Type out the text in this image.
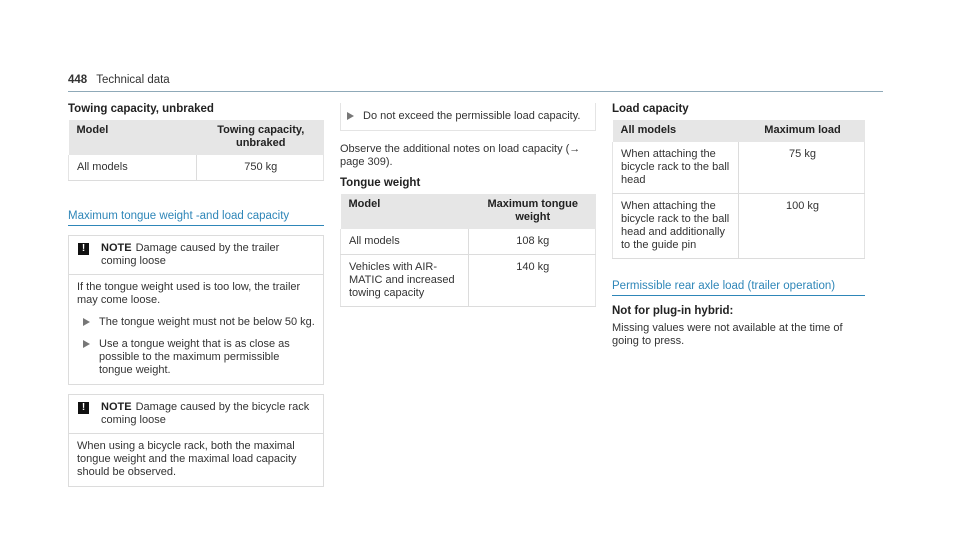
448 Technical data
Towing capacity, unbraked
Model	Towing capacity, unbraked
All models	750 kg
Maximum tongue weight -and load capacity
!	NOTE Damage caused by the trailer coming loose
If the tongue weight used is too low, the trailer may come loose.
The tongue weight must not be below 50 kg.
Use a tongue weight that is as close as possible to the maximum permissible tongue weight.
!	NOTE Damage caused by the bicycle rack coming loose
When using a bicycle rack, both the maximal tongue weight and the maximal load capacity should be observed.
Do not exceed the permissible load capacity.
Observe the additional notes on load capacity (→ page 309).
Tongue weight
Model	Maximum tongue weight
All models	108 kg
Vehicles with AIR-MATIC and increased towing capacity	140 kg
Load capacity
All models	Maximum load
When attaching the bicycle rack to the ball head	75 kg
When attaching the bicycle rack to the ball head and additionally to the guide pin	100 kg
Permissible rear axle load (trailer operation)
Not for plug-in hybrid:
Missing values were not available at the time of going to press.
